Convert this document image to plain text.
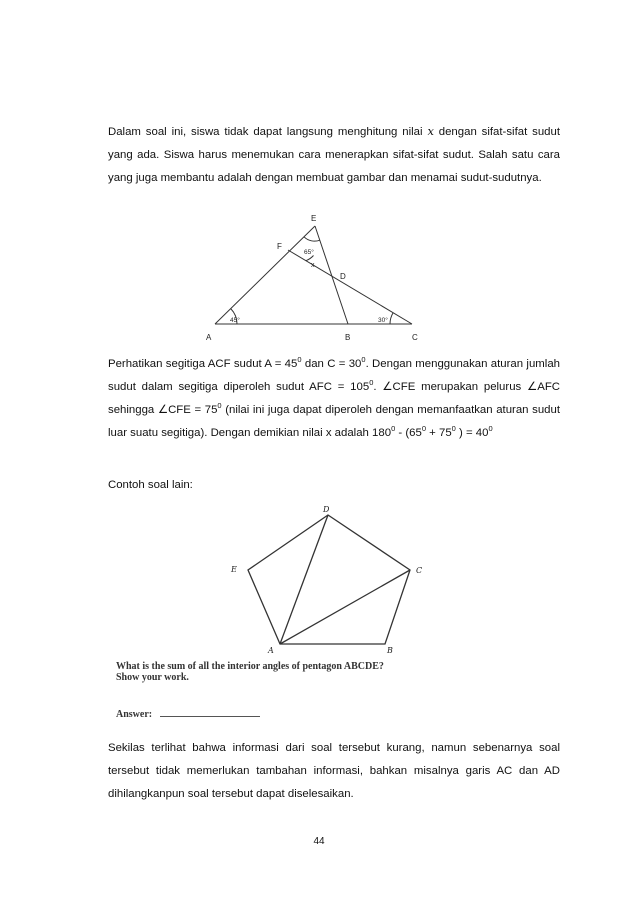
Dalam soal ini, siswa tidak dapat langsung menghitung nilai x dengan sifat-sifat sudut yang ada. Siswa harus menemukan cara menerapkan sifat-sifat sudut. Salah satu cara yang juga membantu adalah dengan membuat gambar dan menamai sudut-sudutnya.

A	B	C
E
F
D
45°	30°
65°
x

Perhatikan segitiga ACF sudut $A = 45^0$ dan $C = 30^0$. Dengan menggunakan aturan jumlah sudut dalam segitiga diperoleh sudut AFC = $105^0$. ∠CFE merupakan pelurus ∠AFC sehingga ∠CFE = $75^0$ (nilai ini juga dapat diperoleh dengan memanfaatkan aturan sudut luar suatu segitiga). Dengan demikian nilai x adalah $180^0 - (65^0 + 75^0$ ) = $40^0$

Contoh soal lain:

D
C
B
A
E

What is the sum of all the interior angles of pentagon ABCDE?

Show your work.

Answer:

Sekilas terlihat bahwa informasi dari soal tersebut kurang, namun sebenarnya soal tersebut tidak memerlukan tambahan informasi, bahkan misalnya garis AC dan AD dihilangkanpun soal tersebut dapat diselesaikan.

44
